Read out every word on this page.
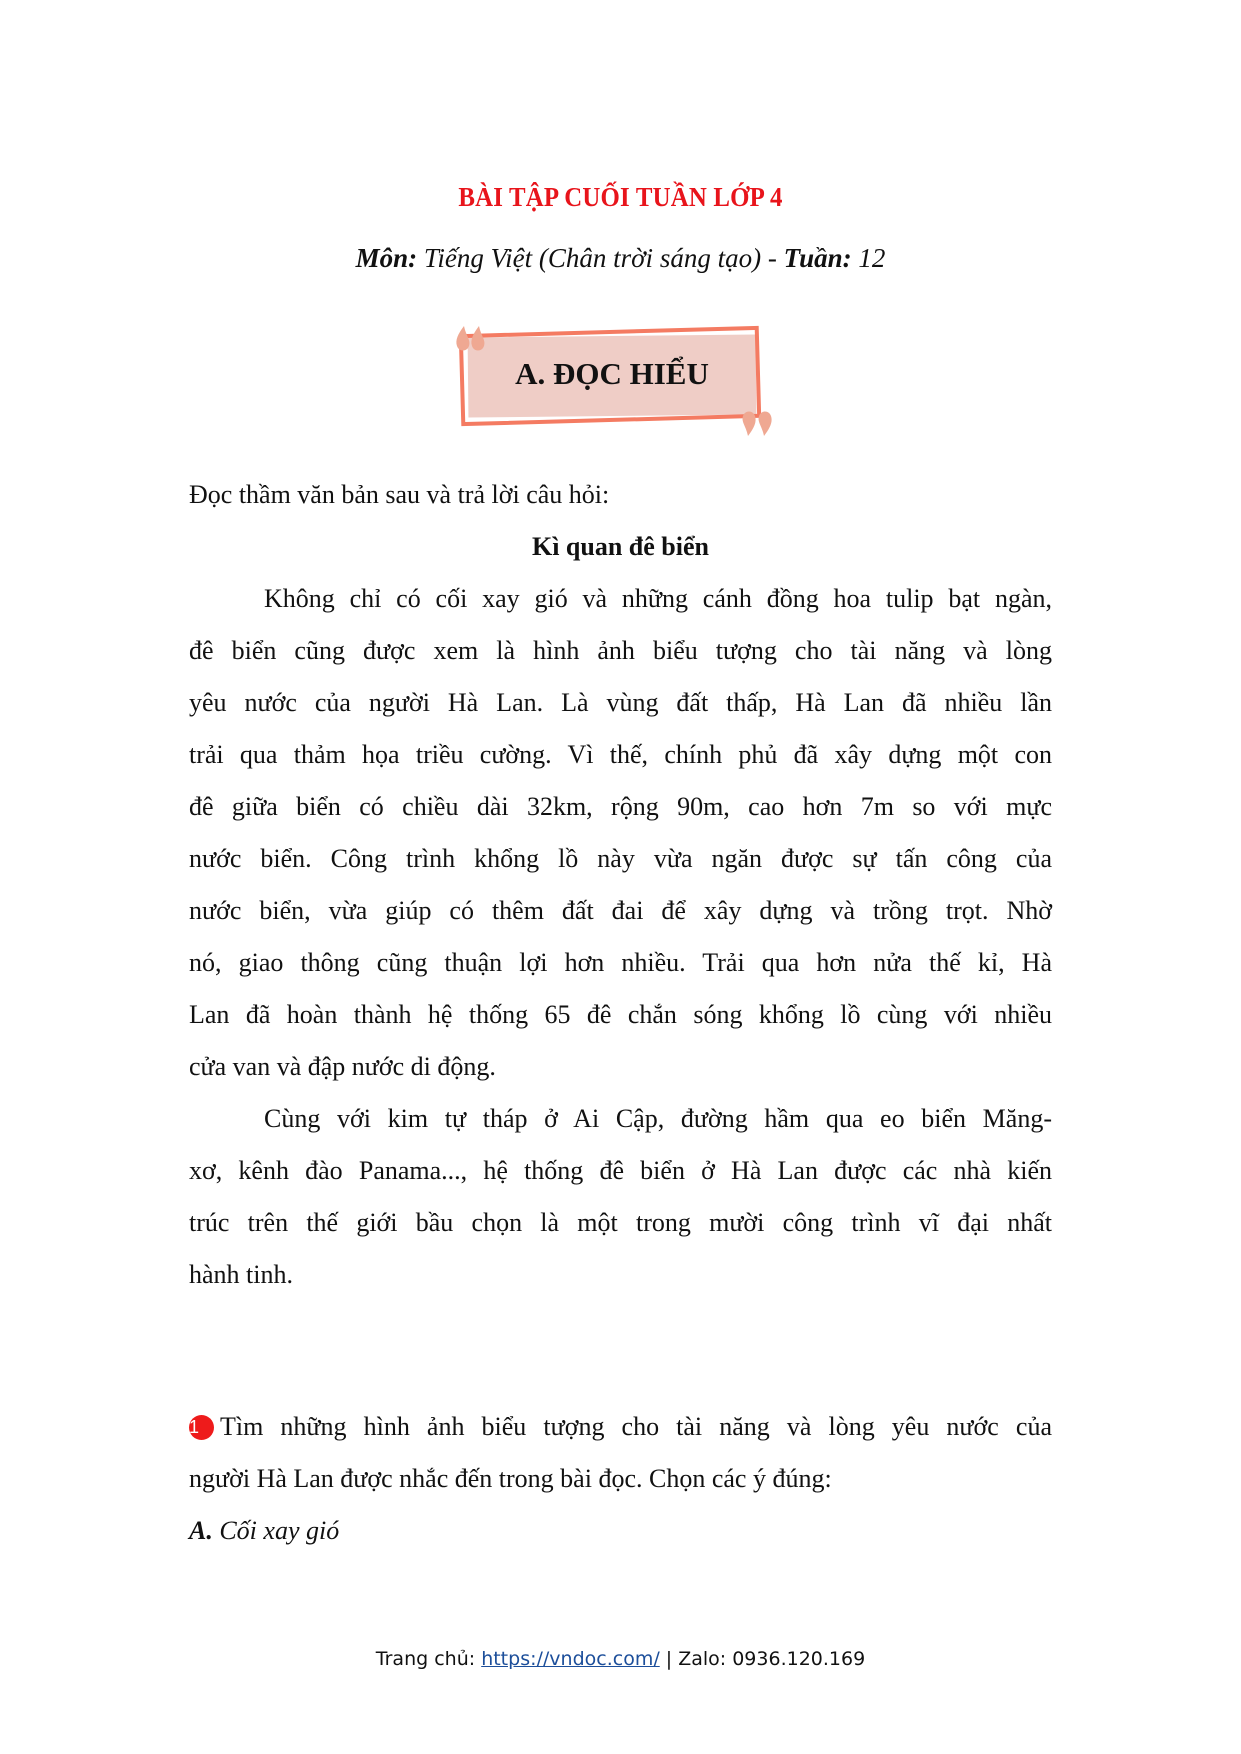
BÀI TẬP CUỐI TUẦN LỚP 4
Môn: Tiếng Việt (Chân trời sáng tạo) - Tuần: 12
A. ĐỌC HIỂU
Đọc thầm văn bản sau và trả lời câu hỏi:
Kì quan đê biển
Không chỉ có cối xay gió và những cánh đồng hoa tulip bạt ngàn,
đê biển cũng được xem là hình ảnh biểu tượng cho tài năng và lòng
yêu nước của người Hà Lan. Là vùng đất thấp, Hà Lan đã nhiều lần
trải qua thảm họa triều cường. Vì thế, chính phủ đã xây dựng một con
đê giữa biển có chiều dài 32km, rộng 90m, cao hơn 7m so với mực
nước biển. Công trình khổng lồ này vừa ngăn được sự tấn công của
nước biển, vừa giúp có thêm đất đai để xây dựng và trồng trọt. Nhờ
nó, giao thông cũng thuận lợi hơn nhiều. Trải qua hơn nửa thế kỉ, Hà
Lan đã hoàn thành hệ thống 65 đê chắn sóng khổng lồ cùng với nhiều
cửa van và đập nước di động.
Cùng với kim tự tháp ở Ai Cập, đường hầm qua eo biển Măng-
xơ, kênh đào Panama..., hệ thống đê biển ở Hà Lan được các nhà kiến
trúc trên thế giới bầu chọn là một trong mười công trình vĩ đại nhất
hành tinh.
1 Tìm những hình ảnh biểu tượng cho tài năng và lòng yêu nước của
người Hà Lan được nhắc đến trong bài đọc. Chọn các ý đúng:
A. Cối xay gió
Trang chủ: https://vndoc.com/ | Zalo: 0936.120.169
